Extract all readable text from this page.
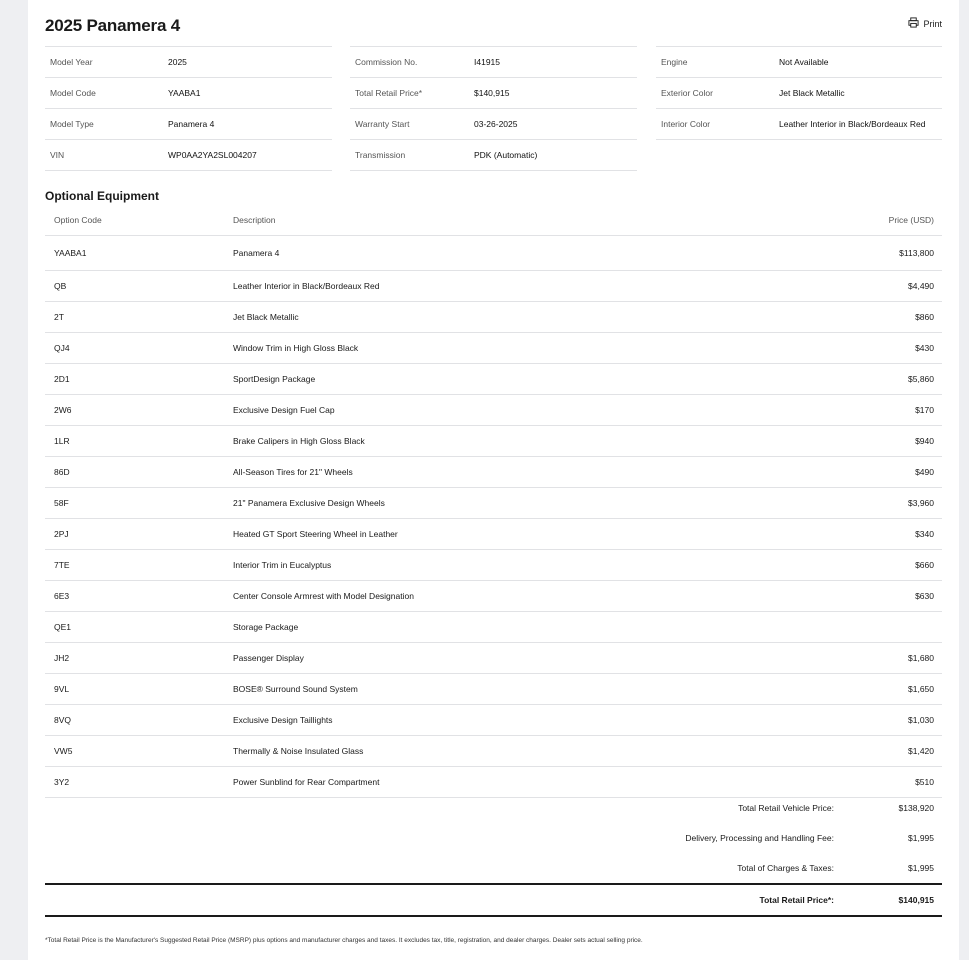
2025 Panamera 4	Print
Model Year	2025
Model Code	YAABA1
Model Type	Panamera 4
VIN	WP0AA2YA2SL004207
Commission No.	I41915
Total Retail Price*	$140,915
Warranty Start	03-26-2025
Transmission	PDK (Automatic)
Engine	Not Available
Exterior Color	Jet Black Metallic
Interior Color	Leather Interior in Black/Bordeaux Red
Optional Equipment
Option Code	Description	Price (USD)
YAABA1	Panamera 4	$113,800
QB	Leather Interior in Black/Bordeaux Red	$4,490
2T	Jet Black Metallic	$860
QJ4	Window Trim in High Gloss Black	$430
2D1	SportDesign Package	$5,860
2W6	Exclusive Design Fuel Cap	$170
1LR	Brake Calipers in High Gloss Black	$940
86D	All-Season Tires for 21" Wheels	$490
58F	21" Panamera Exclusive Design Wheels	$3,960
2PJ	Heated GT Sport Steering Wheel in Leather	$340
7TE	Interior Trim in Eucalyptus	$660
6E3	Center Console Armrest with Model Designation	$630
QE1	Storage Package
JH2	Passenger Display	$1,680
9VL	BOSE® Surround Sound System	$1,650
8VQ	Exclusive Design Taillights	$1,030
VW5	Thermally & Noise Insulated Glass	$1,420
3Y2	Power Sunblind for Rear Compartment	$510
Total Retail Vehicle Price:	$138,920
Delivery, Processing and Handling Fee:	$1,995
Total of Charges & Taxes:	$1,995
Total Retail Price*:	$140,915
*Total Retail Price is the Manufacturer's Suggested Retail Price (MSRP) plus options and manufacturer charges and taxes. It excludes tax, title, registration, and dealer charges. Dealer sets actual selling price.
